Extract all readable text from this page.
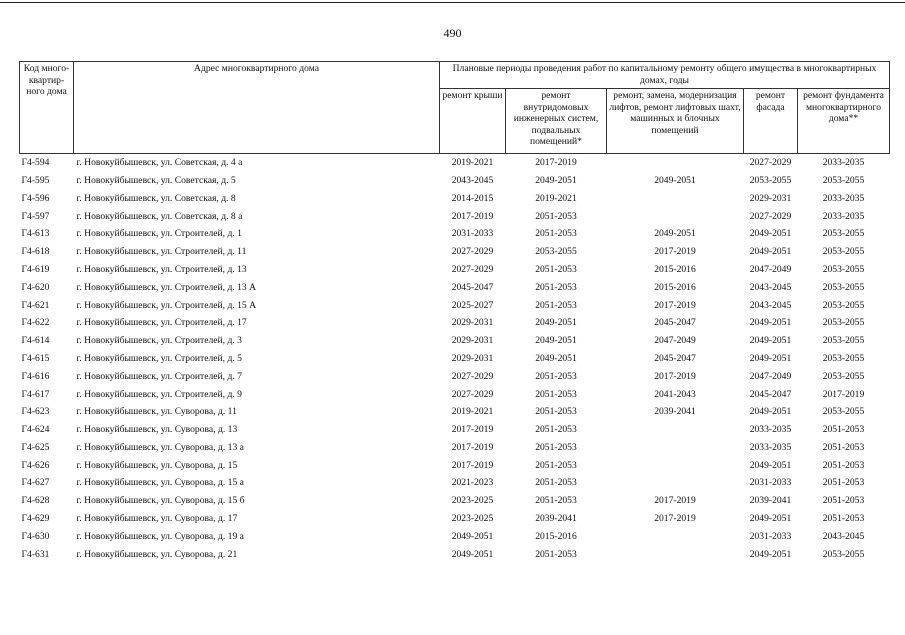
490
Код много-квартир-ного дома	Адрес многоквартирного дома	Плановые периоды проведения работ по капитальному ремонту общего имущества в многоквартирных домах, годы				
		ремонт крыши	ремонт внутридомовых инженерных систем, подвальных помещений*	ремонт, замена, модернизация лифтов, ремонт лифтовых шахт, машинных и блочных помещений	ремонт фасада	ремонт фундамента многоквартирного дома**
Г4-594	г. Новокуйбышевск, ул. Советская, д. 4 а	2019-2021	2017-2019		2027-2029	2033-2035
Г4-595	г. Новокуйбышевск, ул. Советская, д. 5	2043-2045	2049-2051	2049-2051	2053-2055	2053-2055
Г4-596	г. Новокуйбышевск, ул. Советская, д. 8	2014-2015	2019-2021		2029-2031	2033-2035
Г4-597	г. Новокуйбышевск, ул. Советская, д. 8 а	2017-2019	2051-2053		2027-2029	2033-2035
Г4-613	г. Новокуйбышевск, ул. Строителей, д. 1	2031-2033	2051-2053	2049-2051	2049-2051	2053-2055
Г4-618	г. Новокуйбышевск, ул. Строителей, д. 11	2027-2029	2053-2055	2017-2019	2049-2051	2053-2055
Г4-619	г. Новокуйбышевск, ул. Строителей, д. 13	2027-2029	2051-2053	2015-2016	2047-2049	2053-2055
Г4-620	г. Новокуйбышевск, ул. Строителей, д. 13 А	2045-2047	2051-2053	2015-2016	2043-2045	2053-2055
Г4-621	г. Новокуйбышевск, ул. Строителей, д. 15 А	2025-2027	2051-2053	2017-2019	2043-2045	2053-2055
Г4-622	г. Новокуйбышевск, ул. Строителей, д. 17	2029-2031	2049-2051	2045-2047	2049-2051	2053-2055
Г4-614	г. Новокуйбышевск, ул. Строителей, д. 3	2029-2031	2049-2051	2047-2049	2049-2051	2053-2055
Г4-615	г. Новокуйбышевск, ул. Строителей, д. 5	2029-2031	2049-2051	2045-2047	2049-2051	2053-2055
Г4-616	г. Новокуйбышевск, ул. Строителей, д. 7	2027-2029	2051-2053	2017-2019	2047-2049	2053-2055
Г4-617	г. Новокуйбышевск, ул. Строителей, д. 9	2027-2029	2051-2053	2041-2043	2045-2047	2017-2019
Г4-623	г. Новокуйбышевск, ул. Суворова, д. 11	2019-2021	2051-2053	2039-2041	2049-2051	2053-2055
Г4-624	г. Новокуйбышевск, ул. Суворова, д. 13	2017-2019	2051-2053		2033-2035	2051-2053
Г4-625	г. Новокуйбышевск, ул. Суворова, д. 13 а	2017-2019	2051-2053		2033-2035	2051-2053
Г4-626	г. Новокуйбышевск, ул. Суворова, д. 15	2017-2019	2051-2053		2049-2051	2051-2053
Г4-627	г. Новокуйбышевск, ул. Суворова, д. 15 а	2021-2023	2051-2053		2031-2033	2051-2053
Г4-628	г. Новокуйбышевск, ул. Суворова, д. 15 б	2023-2025	2051-2053	2017-2019	2039-2041	2051-2053
Г4-629	г. Новокуйбышевск, ул. Суворова, д. 17	2023-2025	2039-2041	2017-2019	2049-2051	2051-2053
Г4-630	г. Новокуйбышевск, ул. Суворова, д. 19 а	2049-2051	2015-2016		2031-2033	2043-2045
Г4-631	г. Новокуйбышевск, ул. Суворова, д. 21	2049-2051	2051-2053		2049-2051	2053-2055
